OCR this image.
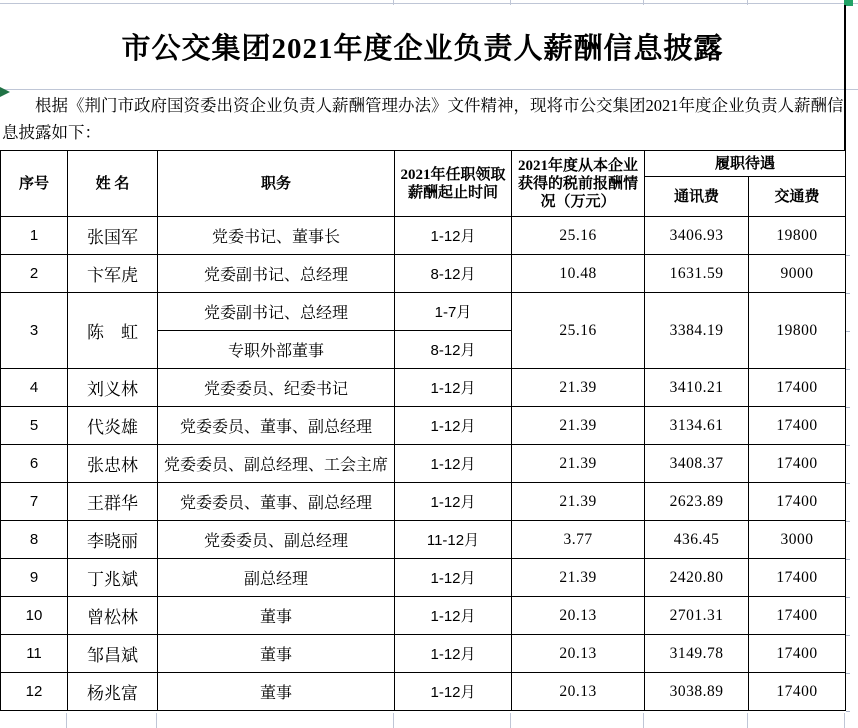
市公交集团2021年度企业负责人薪酬信息披露
根据《荆门市政府国资委出资企业负责人薪酬管理办法》文件精神，现将市公交集团2021年度企业负责人薪酬信息披露如下：
序号	姓 名	职务	2021年任职领取薪酬起止时间	2021年度从本企业获得的税前报酬情况（万元）	履职待遇	
					通讯费	交通费
1	张国军	党委书记、董事长	1-12月	25.16	3406.93	19800
2	卞军虎	党委副书记、总经理	8-12月	10.48	1631.59	9000
3	陈　虹	党委副书记、总经理	1-7月	25.16	3384.19	19800
		专职外部董事	8-12月			
4	刘义林	党委委员、纪委书记	1-12月	21.39	3410.21	17400
5	代炎雄	党委委员、董事、副总经理	1-12月	21.39	3134.61	17400
6	张忠林	党委委员、副总经理、工会主席	1-12月	21.39	3408.37	17400
7	王群华	党委委员、董事、副总经理	1-12月	21.39	2623.89	17400
8	李晓丽	党委委员、副总经理	11-12月	3.77	436.45	3000
9	丁兆斌	副总经理	1-12月	21.39	2420.80	17400
10	曾松林	董事	1-12月	20.13	2701.31	17400
11	邹昌斌	董事	1-12月	20.13	3149.78	17400
12	杨兆富	董事	1-12月	20.13	3038.89	17400
